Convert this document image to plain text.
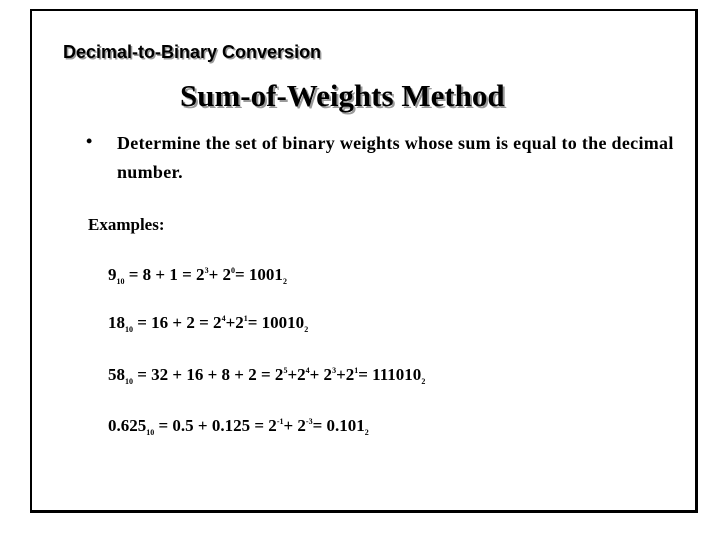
Decimal-to-Binary Conversion
Sum-of-Weights Method
• Determine the set of binary weights whose sum is equal to the decimal number.
Examples:
$9_{10} = 8 + 1 = 2^3+ 2^0= 1001_2$
$18_{10} = 16 + 2 = 2^4+2^1= 10010_2$
$58_{10} = 32 + 16 + 8 + 2 = 2^5+2^4+ 2^3+2^1= 111010_2$
$0.625_{10} = 0.5 + 0.125 = 2^{-1}+ 2^{-3}= 0.101_2$
